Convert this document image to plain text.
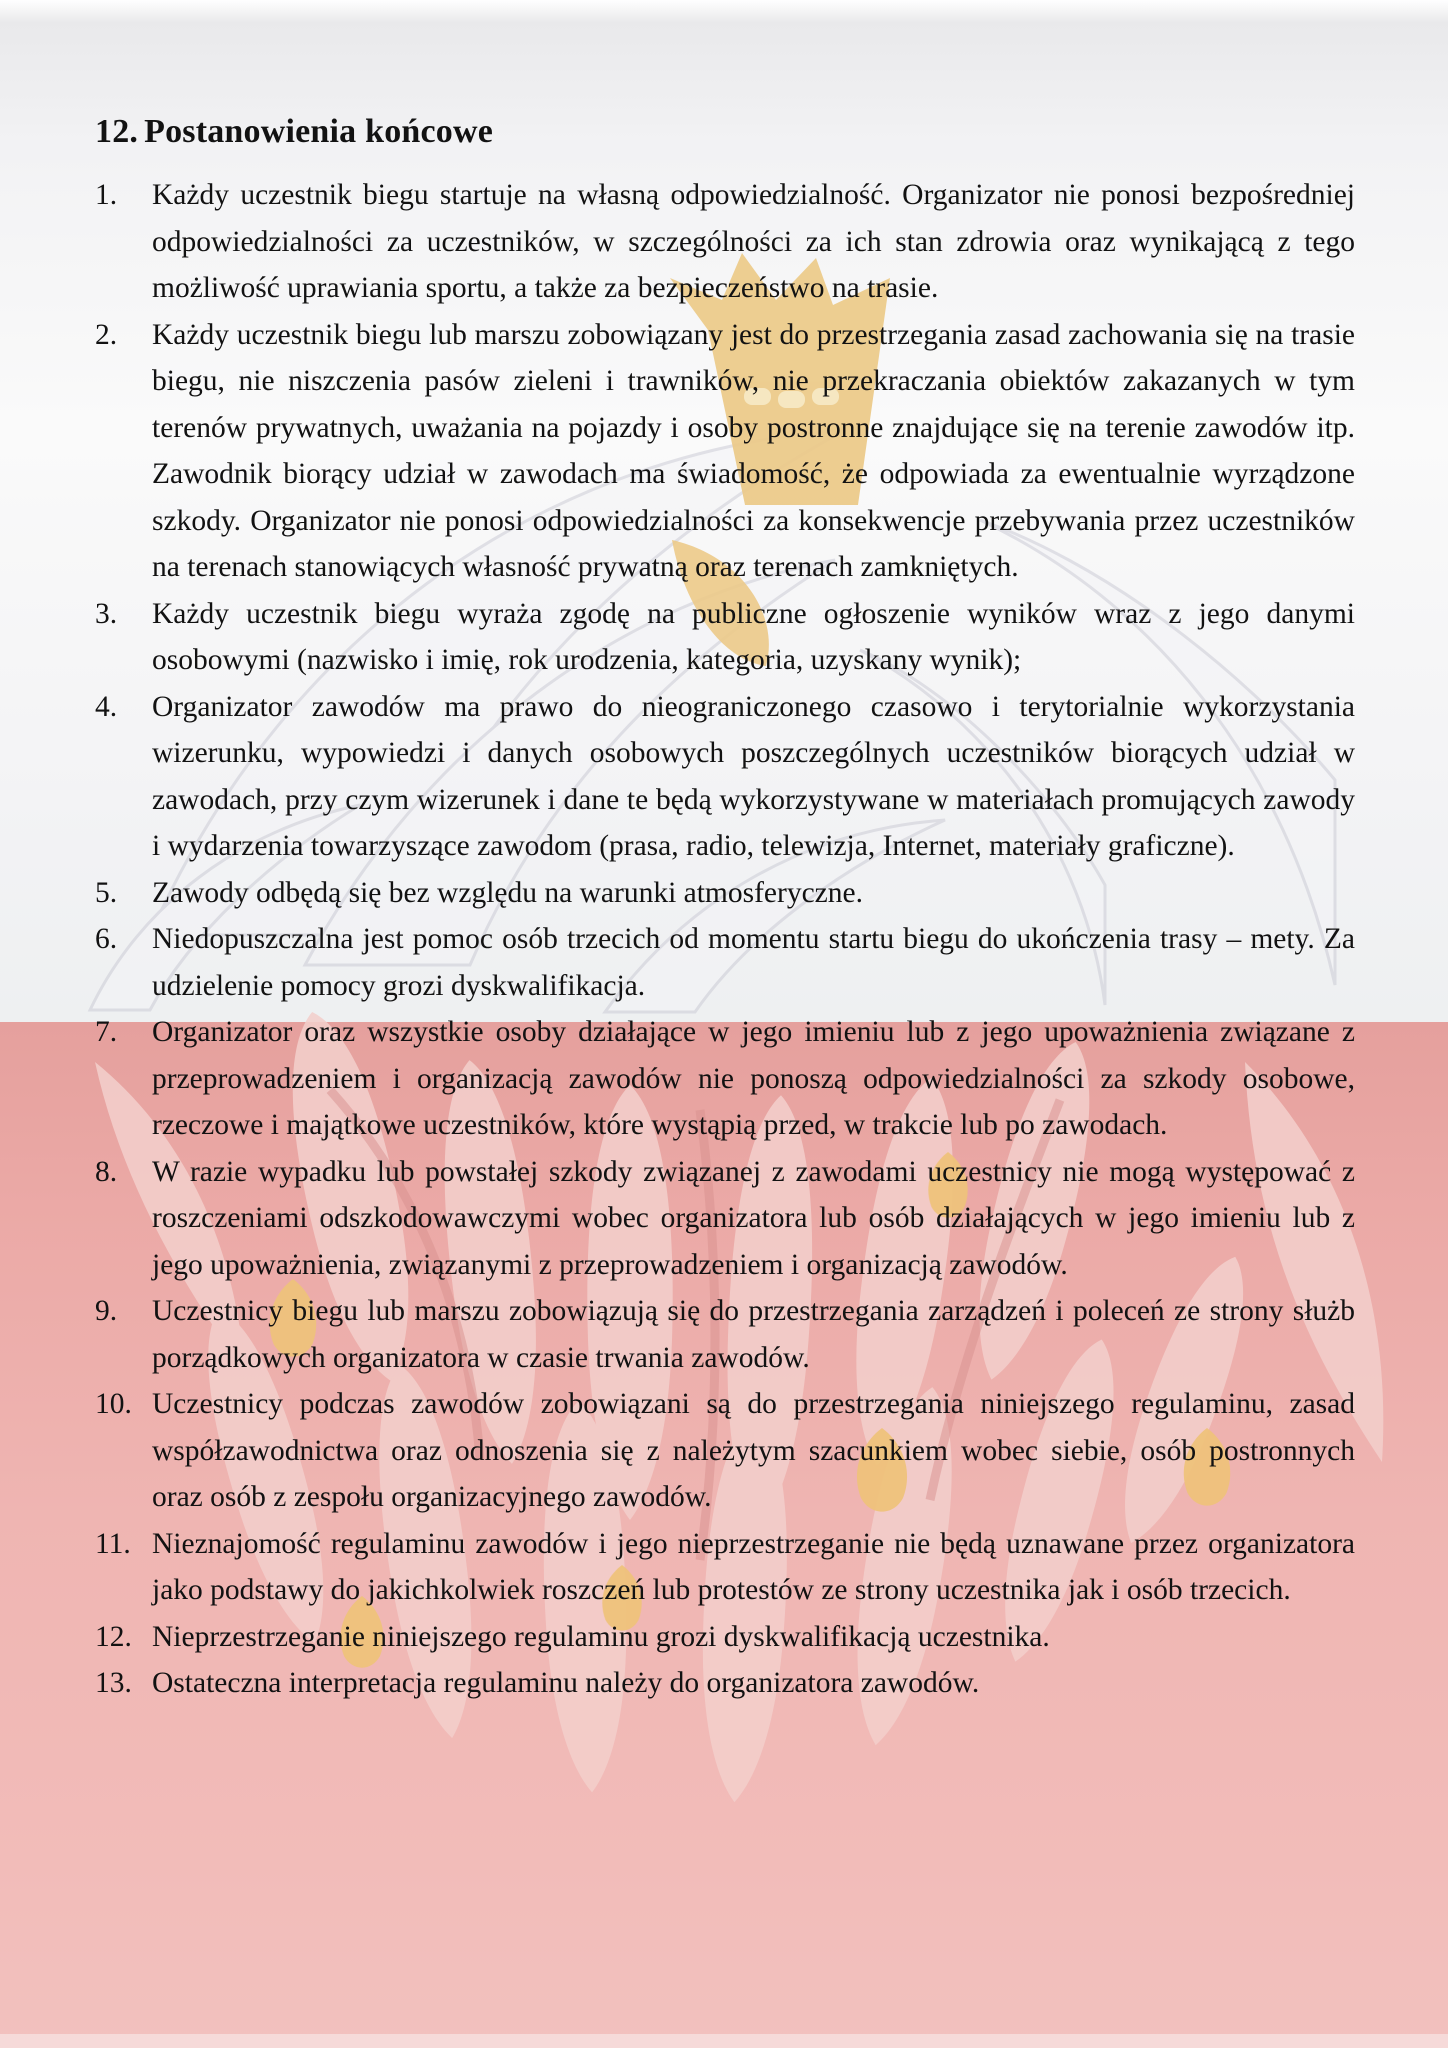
12. Postanowienia końcowe
1.	Każdy uczestnik biegu startuje na własną odpowiedzialność. Organizator nie ponosi bezpośredniej odpowiedzialności za uczestników, w szczególności za ich stan zdrowia oraz wynikającą z tego możliwość uprawiania sportu, a także za bezpieczeństwo na trasie.
2.	Każdy uczestnik biegu lub marszu zobowiązany jest do przestrzegania zasad zachowania się na trasie biegu, nie niszczenia pasów zieleni i trawników, nie przekraczania obiektów zakazanych w tym terenów prywatnych, uważania na pojazdy i osoby postronne znajdujące się na terenie zawodów itp. Zawodnik biorący udział w zawodach ma świadomość, że odpowiada za ewentualnie wyrządzone szkody. Organizator nie ponosi odpowiedzialności za konsekwencje przebywania przez uczestników na terenach stanowiących własność prywatną oraz terenach zamkniętych.
3.	Każdy uczestnik biegu wyraża zgodę na publiczne ogłoszenie wyników wraz z jego danymi osobowymi (nazwisko i imię, rok urodzenia, kategoria, uzyskany wynik);
4.	Organizator zawodów ma prawo do nieograniczonego czasowo i terytorialnie wykorzystania wizerunku, wypowiedzi i danych osobowych poszczególnych uczestników biorących udział w zawodach, przy czym wizerunek i dane te będą wykorzystywane w materiałach promujących zawody i wydarzenia towarzyszące zawodom (prasa, radio, telewizja, Internet, materiały graficzne).
5.	Zawody odbędą się bez względu na warunki atmosferyczne.
6.	Niedopuszczalna jest pomoc osób trzecich od momentu startu biegu do ukończenia trasy – mety. Za udzielenie pomocy grozi dyskwalifikacja.
7.	Organizator oraz wszystkie osoby działające w jego imieniu lub z jego upoważnienia związane z przeprowadzeniem i organizacją zawodów nie ponoszą odpowiedzialności za szkody osobowe, rzeczowe i majątkowe uczestników, które wystąpią przed, w trakcie lub po zawodach.
8.	W razie wypadku lub powstałej szkody związanej z zawodami uczestnicy nie mogą występować z roszczeniami odszkodowawczymi wobec organizatora lub osób działających w jego imieniu lub z jego upoważnienia, związanymi z przeprowadzeniem i organizacją zawodów.
9.	Uczestnicy biegu lub marszu zobowiązują się do przestrzegania zarządzeń i poleceń ze strony służb porządkowych organizatora w czasie trwania zawodów.
10. Uczestnicy podczas zawodów zobowiązani są do przestrzegania niniejszego regulaminu, zasad współzawodnictwa oraz odnoszenia się z należytym szacunkiem wobec siebie, osób postronnych oraz osób z zespołu organizacyjnego zawodów.
11. Nieznajomość regulaminu zawodów i jego nieprzestrzeganie nie będą uznawane przez organizatora jako podstawy do jakichkolwiek roszczeń lub protestów ze strony uczestnika jak i osób trzecich.
12. Nieprzestrzeganie niniejszego regulaminu grozi dyskwalifikacją uczestnika.
13. Ostateczna interpretacja regulaminu należy do organizatora zawodów.
